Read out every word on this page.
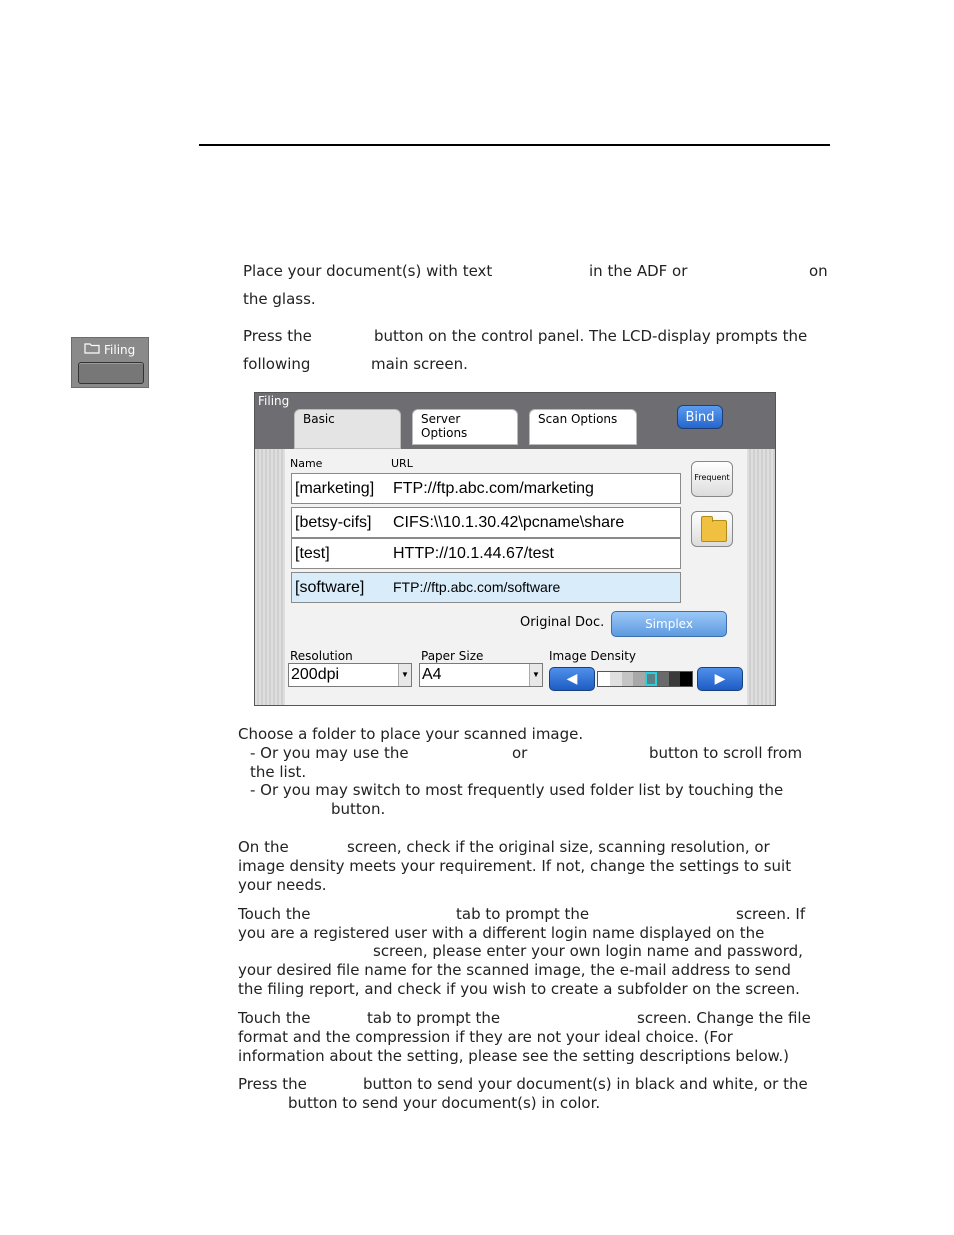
Place your document(s) with text	in the ADF or	on
the glass.
Press the	button on the control panel. The LCD-display prompts the
following	main screen.
Filing
Filing
Basic	Server Options
Scan Options	Bind
Name	URL
[marketing] FTP://ftp.abc.com/marketing
[betsy-cifs] CIFS:\\10.1.30.42\pcname\share
[test]	HTTP://10.1.44.67/test
[software] FTP://ftp.abc.com/software
Frequent
Original Doc.	Simplex
Resolution
200dpi	▼
Paper Size
A4	▼
Image Density
◀	▶
Choose a folder to place your scanned image.
- Or you may use the	or	button to scroll from
the list.
- Or you may switch to most frequently used folder list by touching the
button.
On the	screen, check if the original size, scanning resolution, or
image density meets your requirement. If not, change the settings to suit
your needs.
Touch the	tab to prompt the	screen. If
you are a registered user with a different login name displayed on the
screen, please enter your own login name and password,
your desired file name for the scanned image, the e-mail address to send
the filing report, and check if you wish to create a subfolder on the screen.
Touch the	tab to prompt the	screen. Change the file
format and the compression if they are not your ideal choice. (For
information about the setting, please see the setting descriptions below.)
Press the	button to send your document(s) in black and white, or the
button to send your document(s) in color.
